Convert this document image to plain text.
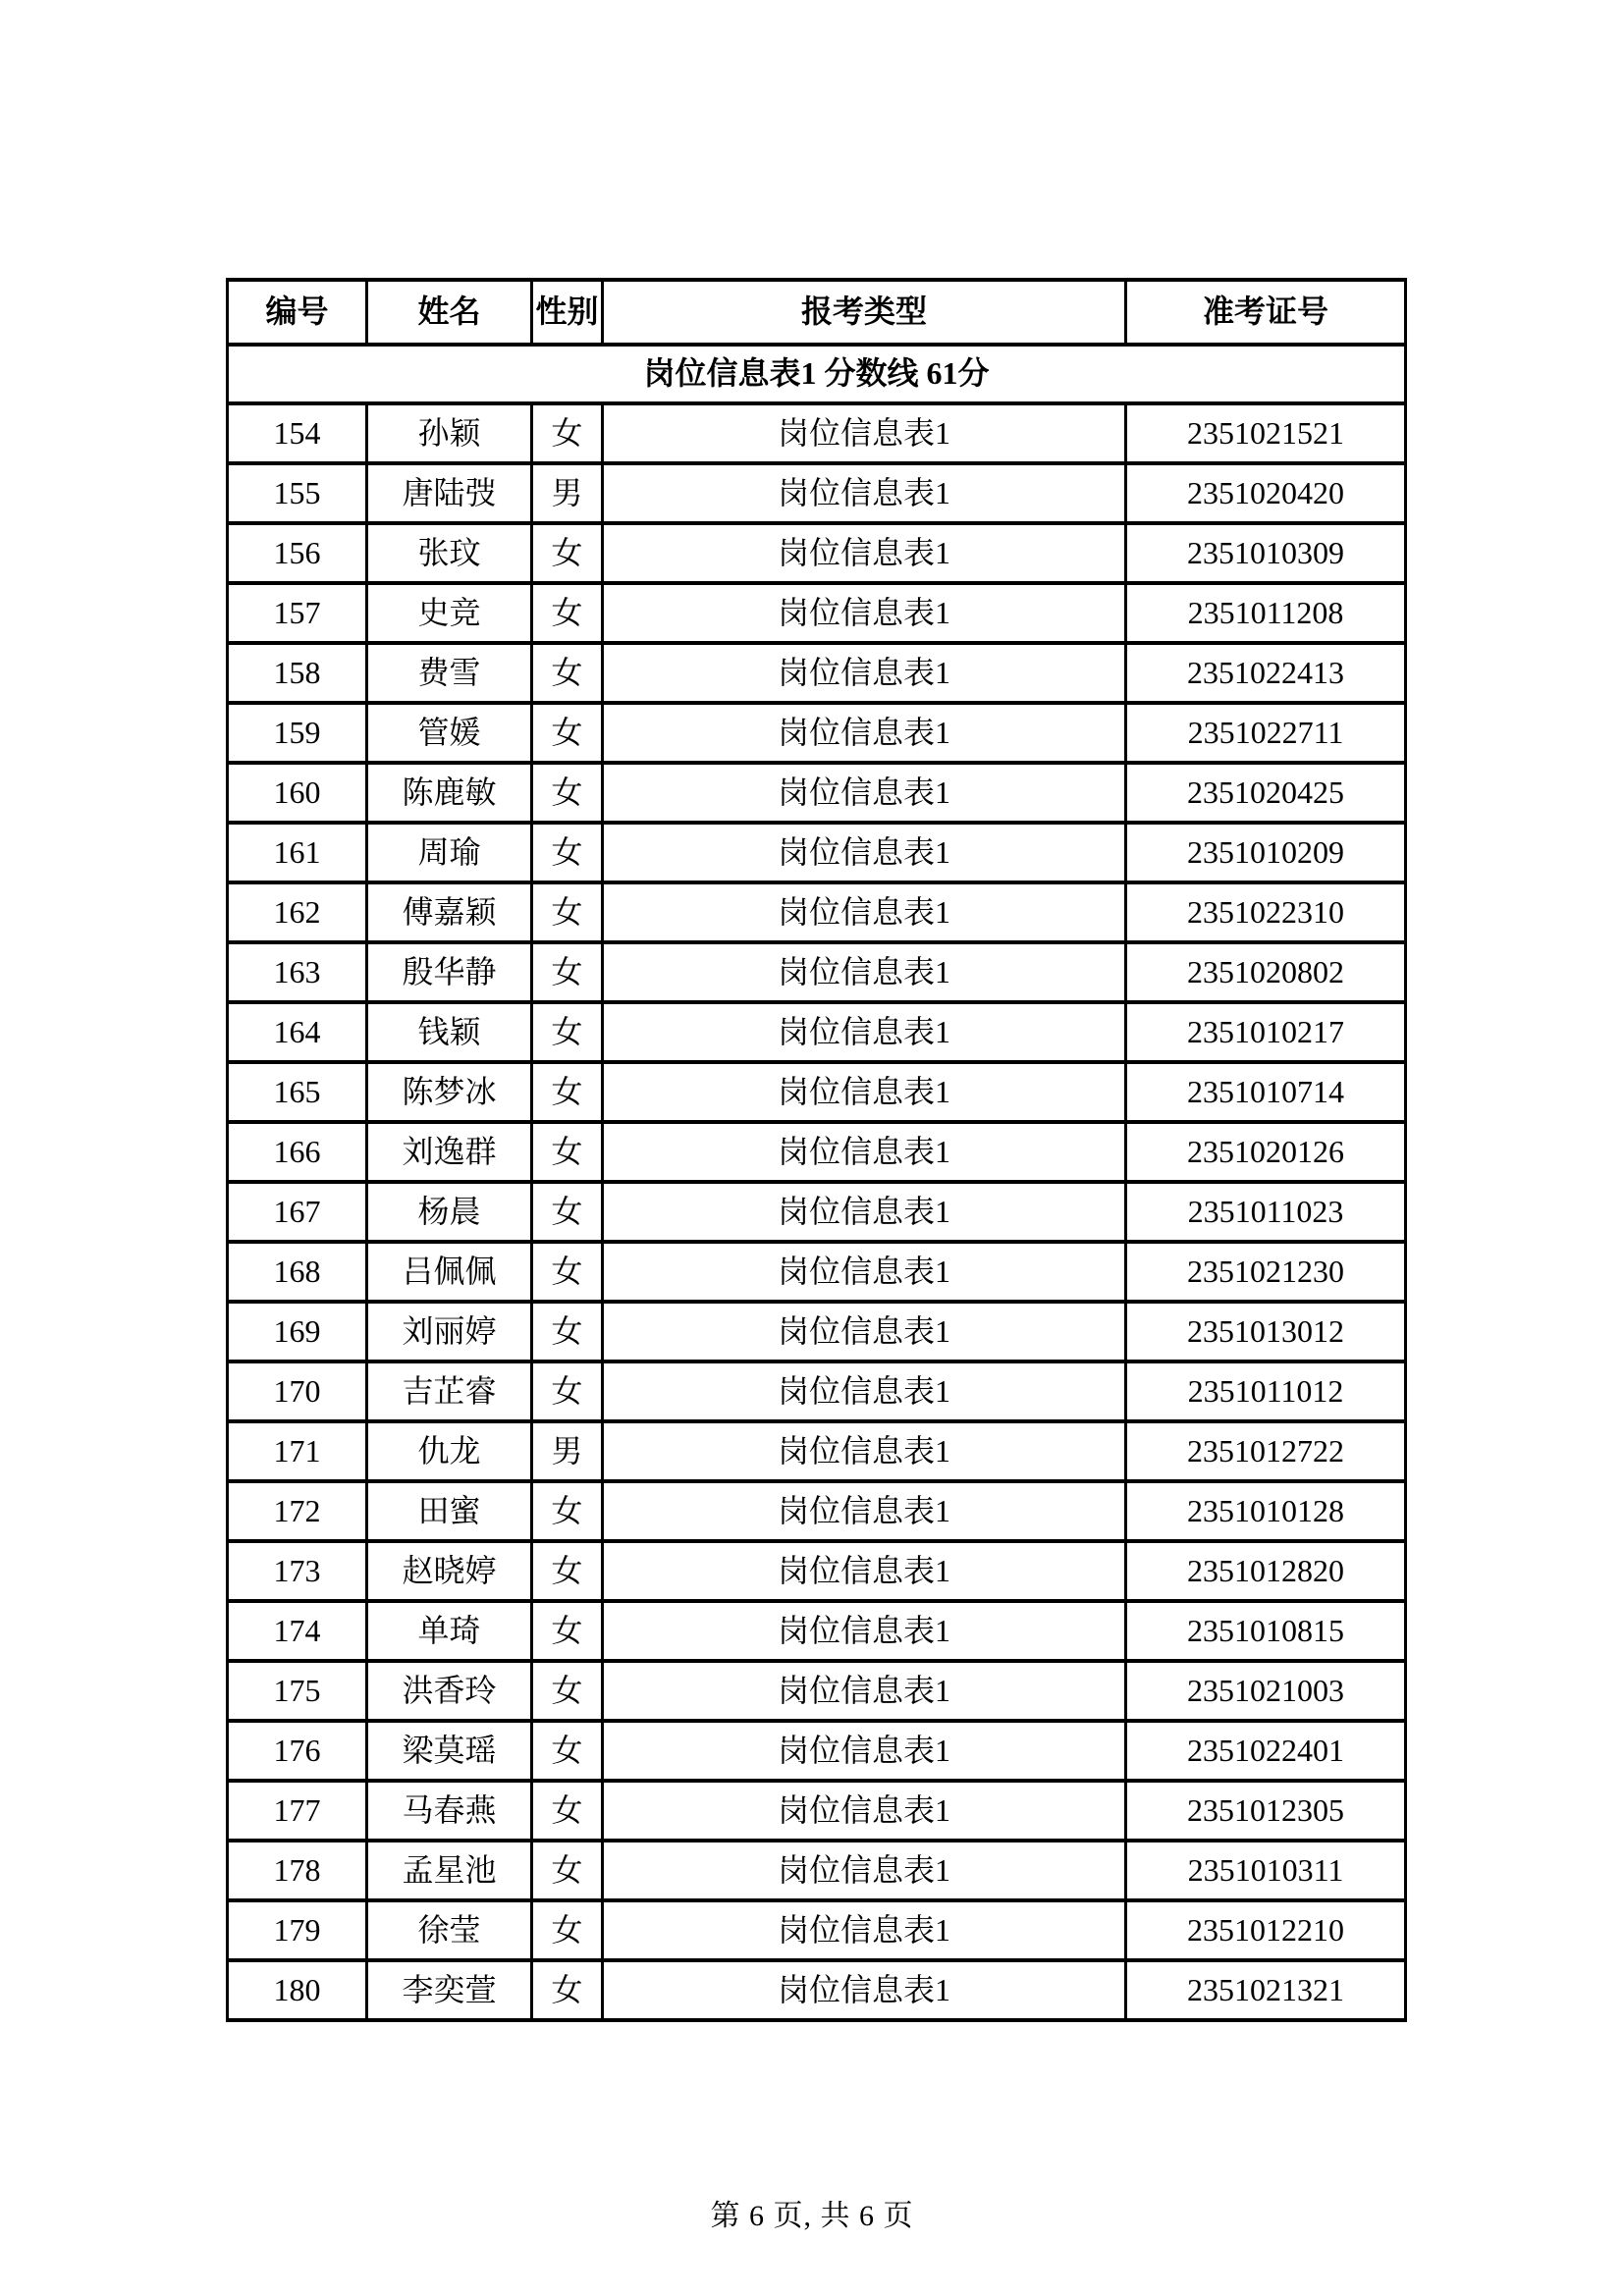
编号	姓名	性别	报考类型	准考证号
岗位信息表1 分数线 61分				
154	孙颖	女	岗位信息表1	2351021521
155	唐陆弢	男	岗位信息表1	2351020420
156	张玟	女	岗位信息表1	2351010309
157	史竞	女	岗位信息表1	2351011208
158	费雪	女	岗位信息表1	2351022413
159	管媛	女	岗位信息表1	2351022711
160	陈鹿敏	女	岗位信息表1	2351020425
161	周瑜	女	岗位信息表1	2351010209
162	傅嘉颖	女	岗位信息表1	2351022310
163	殷华静	女	岗位信息表1	2351020802
164	钱颖	女	岗位信息表1	2351010217
165	陈梦冰	女	岗位信息表1	2351010714
166	刘逸群	女	岗位信息表1	2351020126
167	杨晨	女	岗位信息表1	2351011023
168	吕佩佩	女	岗位信息表1	2351021230
169	刘丽婷	女	岗位信息表1	2351013012
170	吉芷睿	女	岗位信息表1	2351011012
171	仇龙	男	岗位信息表1	2351012722
172	田蜜	女	岗位信息表1	2351010128
173	赵晓婷	女	岗位信息表1	2351012820
174	单琦	女	岗位信息表1	2351010815
175	洪香玲	女	岗位信息表1	2351021003
176	梁莫瑶	女	岗位信息表1	2351022401
177	马春燕	女	岗位信息表1	2351012305
178	孟星池	女	岗位信息表1	2351010311
179	徐莹	女	岗位信息表1	2351012210
180	李奕萱	女	岗位信息表1	2351021321
第 6 页, 共 6 页
